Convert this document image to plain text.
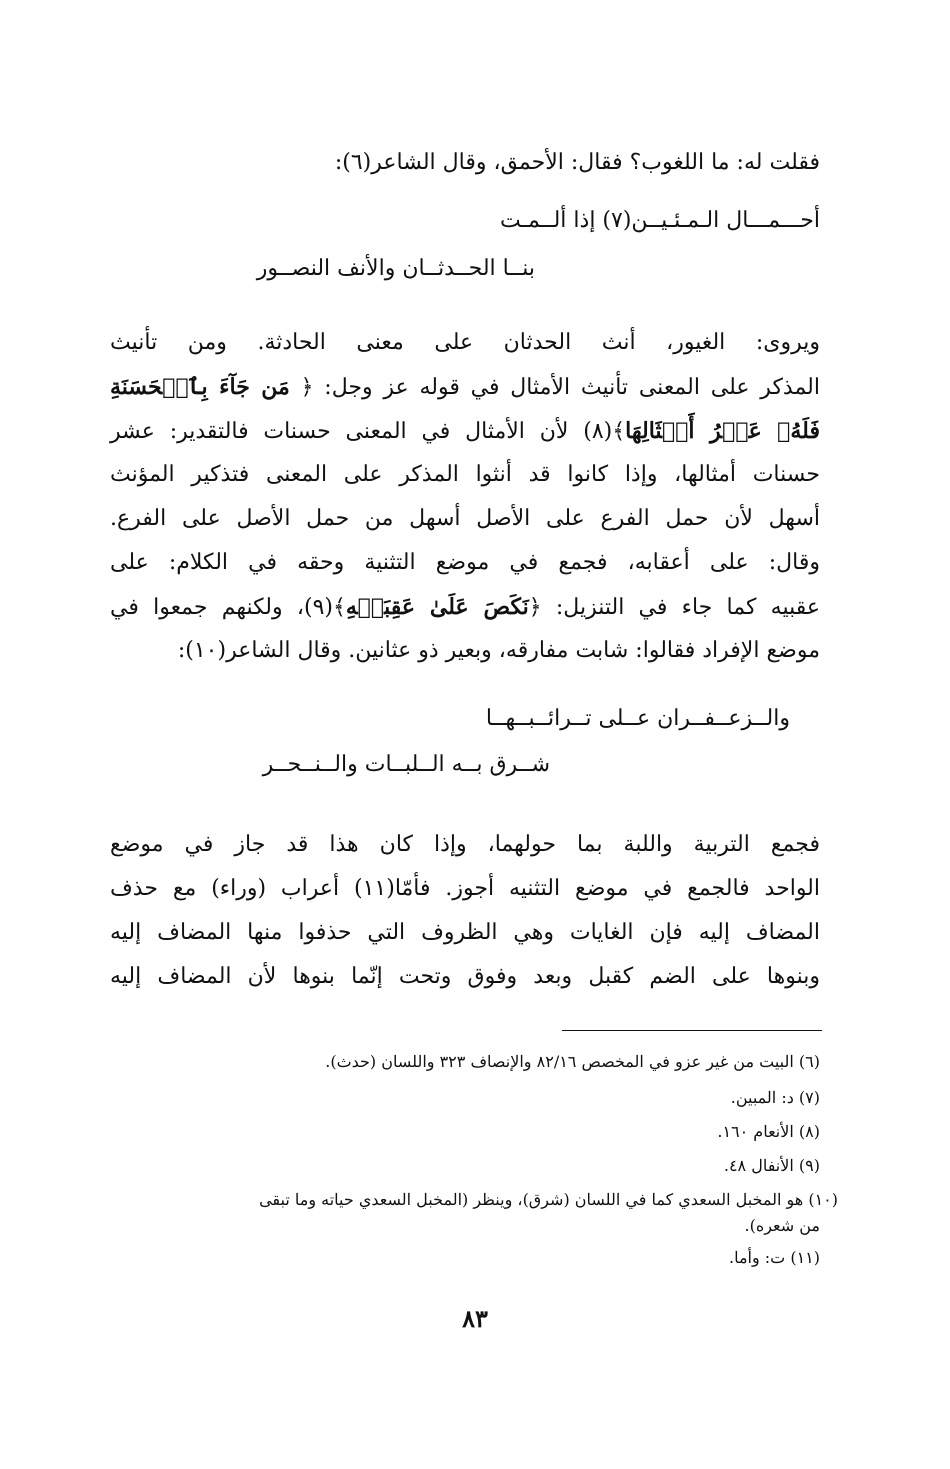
فقلت له: ما اللغوب؟ فقال: الأحمق، وقال الشاعر(٦):
أحـــمـــال الـمـئـيــن(٧) إذا ألــمـت
بنــا الحــدثــان والأنف النصــور
ويروى: الغيور، أنث الحدثان على معنى الحادثة. ومن تأنيث
المذكر على المعنى تأنيث الأمثال في قوله عز وجل: ﴿ مَن جَآءَ بِٱلۡحَسَنَةِ
فَلَهُۥ عَشۡرُ أَمۡثَالِهَا﴾(٨) لأن الأمثال في المعنى حسنات فالتقدير: عشر
حسنات أمثالها، وإذا كانوا قد أنثوا المذكر على المعنى فتذكير المؤنث
أسهل لأن حمل الفرع على الأصل أسهل من حمل الأصل على الفرع.
وقال: على أعقابه، فجمع في موضع التثنية وحقه في الكلام: على
عقبيه كما جاء في التنزيل: ﴿نَكَصَ عَلَىٰ عَقِبَيۡهِ﴾(٩)، ولكنهم جمعوا في
موضع الإفراد فقالوا: شابت مفارقه، وبعير ذو عثانين. وقال الشاعر(١٠):
والــزعــفــران عــلى تــرائــبــهــا
شــرق بــه الــلبــات والــنــحــر
فجمع التربية واللبة بما حولهما، وإذا كان هذا قد جاز في موضع
الواحد فالجمع في موضع التثنيه أجوز. فأمّا(١١) أعراب (وراء) مع حذف
المضاف إليه فإن الغايات وهي الظروف التي حذفوا منها المضاف إليه
وبنوها على الضم كقبل وبعد وفوق وتحت إنّما بنوها لأن المضاف إليه
(٦) البيت من غير عزو في المخصص ٨٢/١٦ والإنصاف ٣٢٣ واللسان (حدث).
(٧) د: المبين.
(٨) الأنعام ١٦٠.
(٩) الأنفال ٤٨.
(١٠) هو المخبل السعدي كما في اللسان (شرق)، وينظر (المخبل السعدي حياته وما تبقى
من شعره).
(١١) ت: وأما.
٨٣
